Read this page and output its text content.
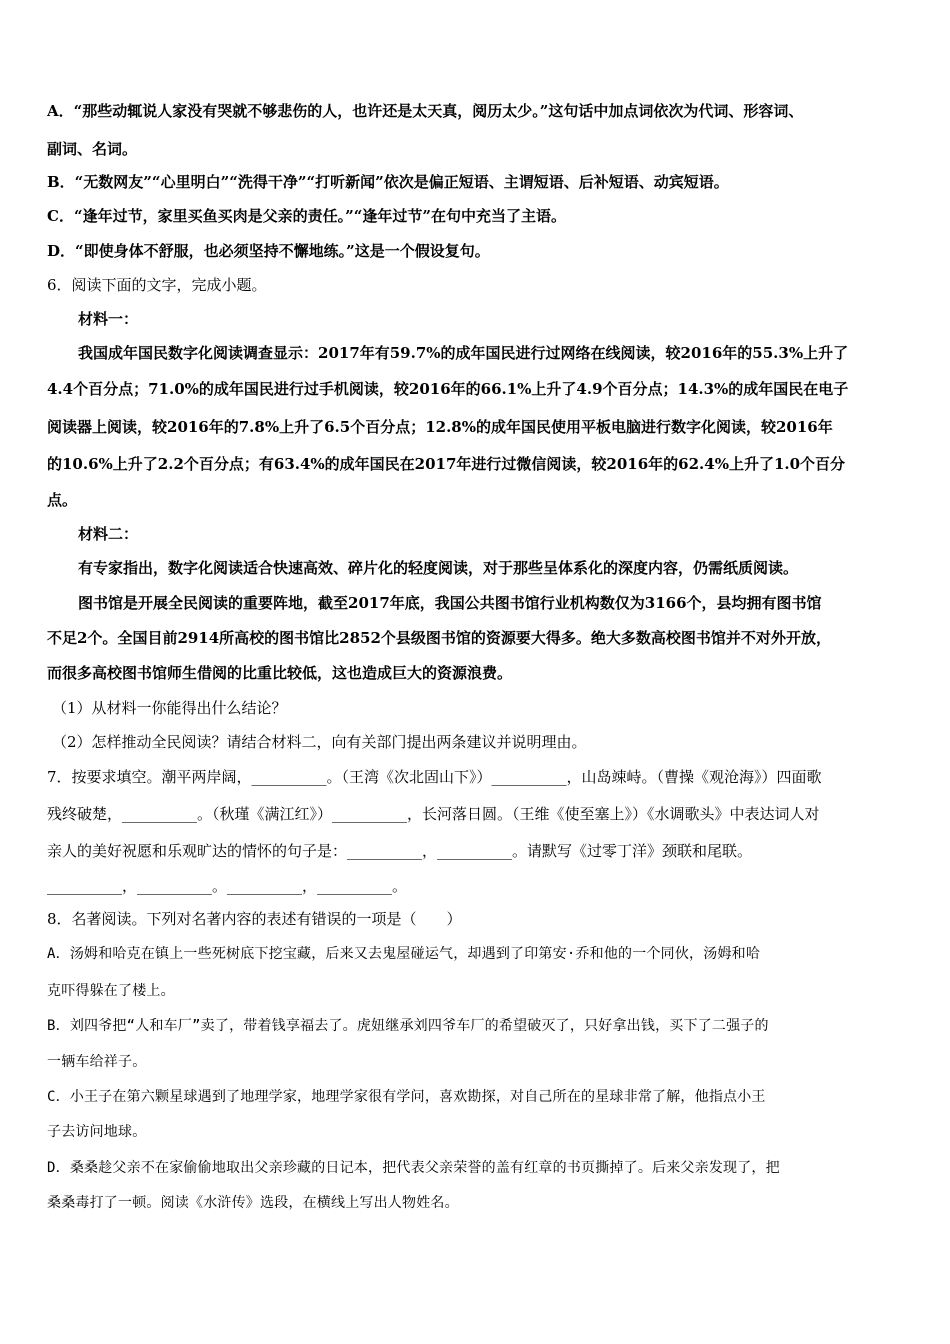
A．“那些动辄说人家没有哭就不够悲伤的人，也许还是太天真，阅历太少。”这句话中加点词依次为代词、形容词、
副词、名词。
B．“无数网友”“心里明白”“洗得干净”“打听新闻”依次是偏正短语、主谓短语、后补短语、动宾短语。
C．“逢年过节，家里买鱼买肉是父亲的责任。”“逢年过节”在句中充当了主语。
D．“即使身体不舒服，也必须坚持不懈地练。”这是一个假设复句。
6．阅读下面的文字，完成小题。
材料一：
我国成年国民数字化阅读调查显示：2017年有59.7%的成年国民进行过网络在线阅读，较2016年的55.3%上升了
4.4个百分点；71.0%的成年国民进行过手机阅读，较2016年的66.1%上升了4.9个百分点；14.3%的成年国民在电子
阅读器上阅读，较2016年的7.8%上升了6.5个百分点；12.8%的成年国民使用平板电脑进行数字化阅读，较2016年
的10.6%上升了2.2个百分点；有63.4%的成年国民在2017年进行过微信阅读，较2016年的62.4%上升了1.0个百分
点。
材料二：
有专家指出，数字化阅读适合快速高效、碎片化的轻度阅读，对于那些呈体系化的深度内容，仍需纸质阅读。
图书馆是开展全民阅读的重要阵地，截至2017年底，我国公共图书馆行业机构数仅为3166个，县均拥有图书馆
不足2个。全国目前2914所高校的图书馆比2852个县级图书馆的资源要大得多。绝大多数高校图书馆并不对外开放，
而很多高校图书馆师生借阅的比重比较低，这也造成巨大的资源浪费。
（1）从材料一你能得出什么结论？
（2）怎样推动全民阅读？请结合材料二，向有关部门提出两条建议并说明理由。
7．按要求填空。潮平两岸阔，__________。（王湾《次北固山下》）__________，山岛竦峙。（曹操《观沧海》）四面歌
残终破楚，__________。（秋瑾《满江红》）__________，长河落日圆。（王维《使至塞上》）《水调歌头》中表达词人对
亲人的美好祝愿和乐观旷达的情怀的句子是：__________，__________。请默写《过零丁洋》颈联和尾联。
__________，__________。__________，__________。
8．名著阅读。下列对名著内容的表述有错误的一项是（　　）
A．汤姆和哈克在镇上一些死树底下挖宝藏，后来又去鬼屋碰运气，却遇到了印第安·乔和他的一个同伙，汤姆和哈
克吓得躲在了楼上。
B．刘四爷把“人和车厂”卖了，带着钱享福去了。虎妞继承刘四爷车厂的希望破灭了，只好拿出钱，买下了二强子的
一辆车给祥子。
C．小王子在第六颗星球遇到了地理学家，地理学家很有学问，喜欢勘探，对自己所在的星球非常了解，他指点小王
子去访问地球。
D．桑桑趁父亲不在家偷偷地取出父亲珍藏的日记本，把代表父亲荣誉的盖有红章的书页撕掉了。后来父亲发现了，把
桑桑毒打了一顿。阅读《水浒传》选段，在横线上写出人物姓名。
